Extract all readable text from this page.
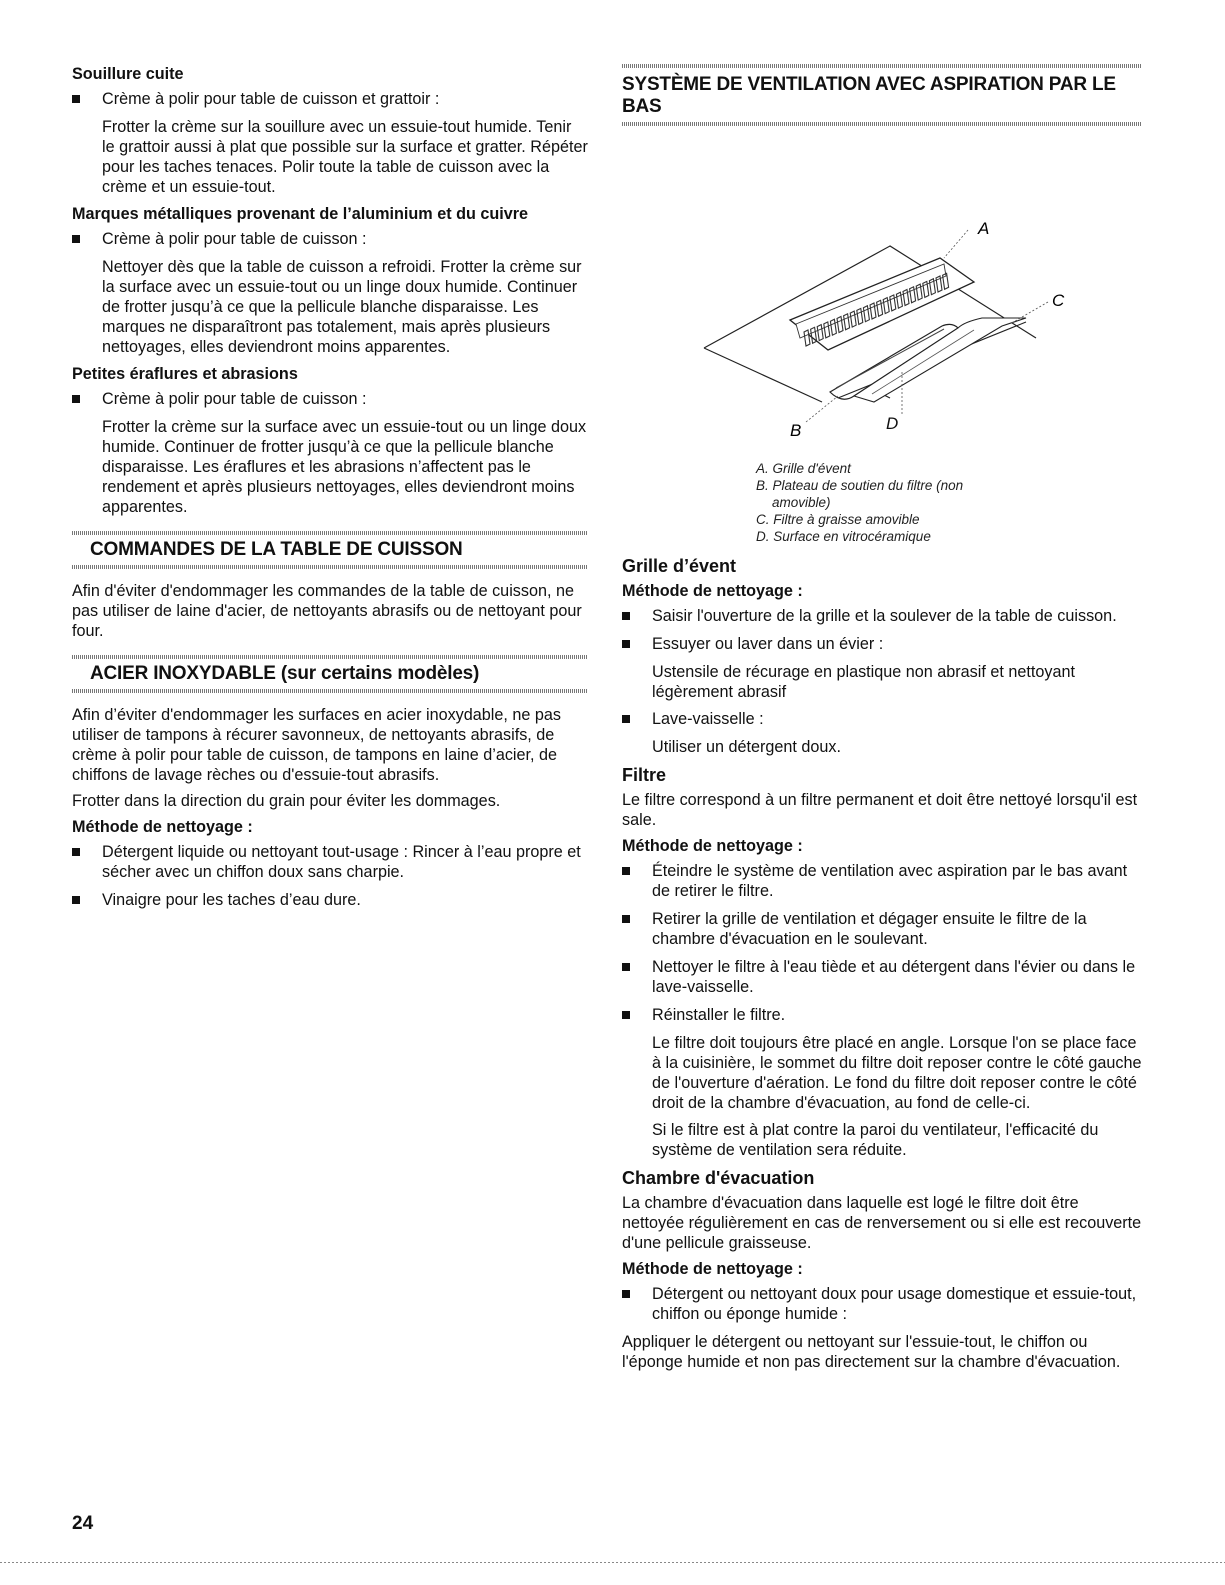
Souillure cuite
Crème à polir pour table de cuisson et grattoir :

Frotter la crème sur la souillure avec un essuie-tout humide. Tenir le grattoir aussi à plat que possible sur la surface et gratter. Répéter pour les taches tenaces. Polir toute la table de cuisson avec la crème et un essuie-tout.

Marques métalliques provenant de l’aluminium et du cuivre
Crème à polir pour table de cuisson :

Nettoyer dès que la table de cuisson a refroidi. Frotter la crème sur la surface avec un essuie-tout ou un linge doux humide. Continuer de frotter jusqu’à ce que la pellicule blanche disparaisse. Les marques ne disparaîtront pas totalement, mais après plusieurs nettoyages, elles deviendront moins apparentes.

Petites éraflures et abrasions
Crème à polir pour table de cuisson :

Frotter la crème sur la surface avec un essuie-tout ou un linge doux humide. Continuer de frotter jusqu’à ce que la pellicule blanche disparaisse. Les éraflures et les abrasions n’affectent pas le rendement et après plusieurs nettoyages, elles deviendront moins apparentes.

COMMANDES DE LA TABLE DE CUISSON

Afin d'éviter d'endommager les commandes de la table de cuisson, ne pas utiliser de laine d'acier, de nettoyants abrasifs ou de nettoyant pour four.

ACIER INOXYDABLE (sur certains modèles)

Afin d’éviter d'endommager les surfaces en acier inoxydable, ne pas utiliser de tampons à récurer savonneux, de nettoyants abrasifs, de crème à polir pour table de cuisson, de tampons en laine d’acier, de chiffons de lavage rèches ou d'essuie-tout abrasifs.

Frotter dans la direction du grain pour éviter les dommages.

Méthode de nettoyage :
Détergent liquide ou nettoyant tout-usage : Rincer à l’eau propre et sécher avec un chiffon doux sans charpie.
Vinaigre pour les taches d’eau dure.
SYSTÈME DE VENTILATION AVEC ASPIRATION PAR LE BAS
A
C
B	D
A. Grille d'évent
B. Plateau de soutien du filtre (non
amovible)
C. Filtre à graisse amovible
D. Surface en vitrocéramique
Grille d’évent
Méthode de nettoyage :
Saisir l'ouverture de la grille et la soulever de la table de cuisson.
Essuyer ou laver dans un évier :

Ustensile de récurage en plastique non abrasif et nettoyant légèrement abrasif

Lave-vaisselle :

Utiliser un détergent doux.

Filtre

Le filtre correspond à un filtre permanent et doit être nettoyé lorsqu'il est sale.

Méthode de nettoyage :
Éteindre le système de ventilation avec aspiration par le bas avant de retirer le filtre.
Retirer la grille de ventilation et dégager ensuite le filtre de la chambre d'évacuation en le soulevant.
Nettoyer le filtre à l'eau tiède et au détergent dans l'évier ou dans le lave-vaisselle.
Réinstaller le filtre.

Le filtre doit toujours être placé en angle. Lorsque l'on se place face à la cuisinière, le sommet du filtre doit reposer contre le côté gauche de l'ouverture d'aération. Le fond du filtre doit reposer contre le côté droit de la chambre d'évacuation, au fond de celle-ci.

Si le filtre est à plat contre la paroi du ventilateur, l'efficacité du système de ventilation sera réduite.

Chambre d'évacuation

La chambre d'évacuation dans laquelle est logé le filtre doit être nettoyée régulièrement en cas de renversement ou si elle est recouverte d'une pellicule graisseuse.

Méthode de nettoyage :
Détergent ou nettoyant doux pour usage domestique et essuie-tout, chiffon ou éponge humide :

Appliquer le détergent ou nettoyant sur l'essuie-tout, le chiffon ou l'éponge humide et non pas directement sur la chambre d'évacuation.

24
